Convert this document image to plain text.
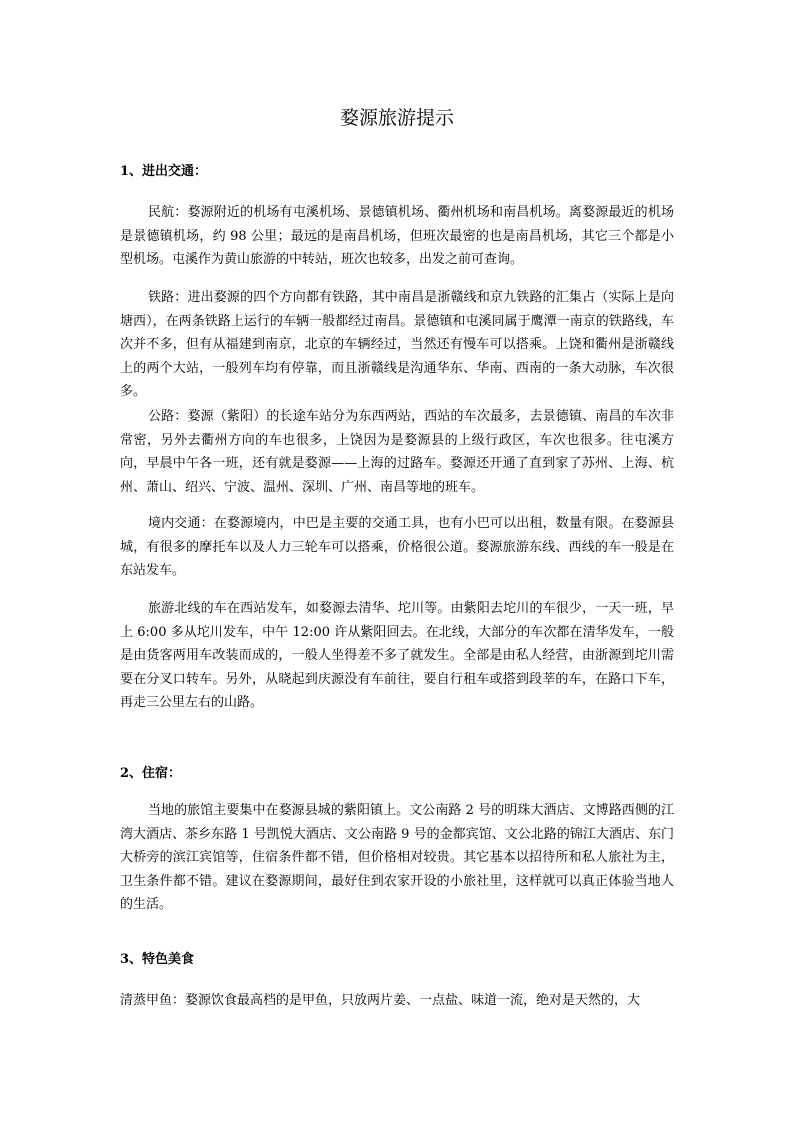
婺源旅游提示
1、进出交通：
民航：婺源附近的机场有屯溪机场、景德镇机场、衢州机场和南昌机场。离婺源最近的机场是景德镇机场，约 98 公里；最远的是南昌机场，但班次最密的也是南昌机场，其它三个都是小型机场。屯溪作为黄山旅游的中转站，班次也较多，出发之前可查询。
铁路：进出婺源的四个方向都有铁路，其中南昌是浙赣线和京九铁路的汇集占（实际上是向塘西），在两条铁路上运行的车辆一般都经过南昌。景德镇和屯溪同属于鹰潭一南京的铁路线，车次并不多，但有从福建到南京，北京的车辆经过，当然还有慢车可以搭乘。上饶和衢州是浙赣线上的两个大站，一般列车均有停靠，而且浙赣线是沟通华东、华南、西南的一条大动脉，车次很多。
公路：婺源（紫阳）的长途车站分为东西两站，西站的车次最多，去景德镇、南昌的车次非常密，另外去衢州方向的车也很多，上饶因为是婺源县的上级行政区，车次也很多。往屯溪方向，早晨中午各一班，还有就是婺源——上海的过路车。婺源还开通了直到家了苏州、上海、杭州、萧山、绍兴、宁波、温州、深圳、广州、南昌等地的班车。
境内交通：在婺源境内，中巴是主要的交通工具，也有小巴可以出租，数量有限。在婺源县城，有很多的摩托车以及人力三轮车可以搭乘，价格很公道。婺源旅游东线、西线的车一般是在东站发车。
旅游北线的车在西站发车，如婺源去清华、坨川等。由紫阳去坨川的车很少，一天一班，早上 6:00 多从坨川发车，中午 12:00 许从紫阳回去。在北线，大部分的车次都在清华发车，一般是由货客两用车改装而成的，一般人坐得差不多了就发生。全部是由私人经营，由浙源到坨川需要在分叉口转车。另外，从晓起到庆源没有车前往，要自行租车或搭到段莘的车，在路口下车，再走三公里左右的山路。
2、住宿：
当地的旅馆主要集中在婺源县城的紫阳镇上。文公南路 2 号的明珠大酒店、文博路西侧的江湾大酒店、茶乡东路 1 号凯悦大酒店、文公南路 9 号的金都宾馆、文公北路的锦江大酒店、东门大桥旁的滨江宾馆等，住宿条件都不错，但价格相对较贵。其它基本以招待所和私人旅社为主，卫生条件都不错。建议在婺源期间，最好住到农家开设的小旅社里，这样就可以真正体验当地人的生活。
3、特色美食
清蒸甲鱼：婺源饮食最高档的是甲鱼，只放两片姜、一点盐、味道一流，绝对是天然的，大
